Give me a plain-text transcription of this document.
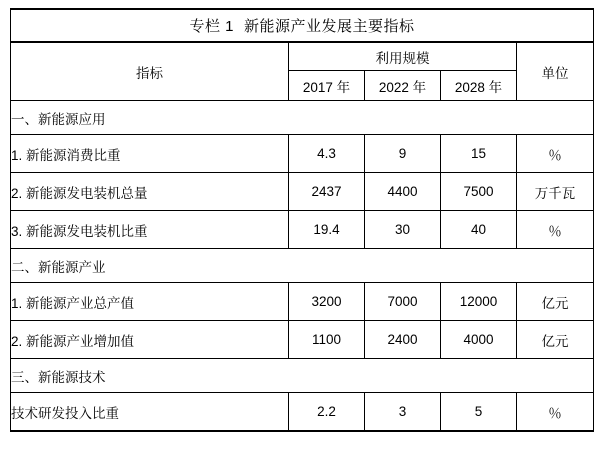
专栏 1 新能源产业发展主要指标				
指标	利用规模			单位
	2017 年	2022 年	2028 年	
一、新能源应用				
1. 新能源消费比重	4.3	9	15	％
2. 新能源发电装机总量	2437	4400	7500	万千瓦
3. 新能源发电装机比重	19.4	30	40	％
二、新能源产业				
1. 新能源产业总产值	3200	7000	12000	亿元
2. 新能源产业增加值	1100	2400	4000	亿元
三、新能源技术				
技术研发投入比重	2.2	3	5	％
